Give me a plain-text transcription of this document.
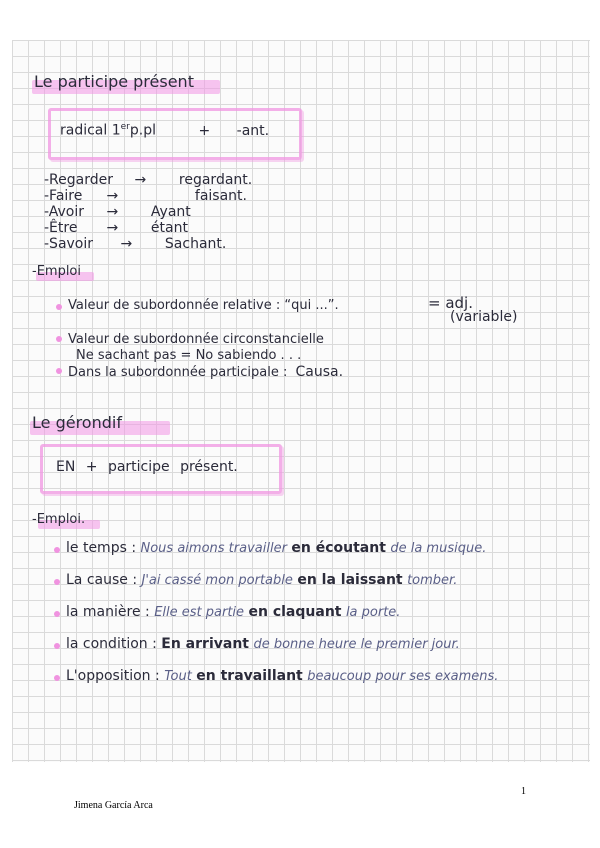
Le participe présent
radical 1erp.pl	+ -ant.
-Regarder → regardant.
-Faire →	faisant.
-Avoir → Ayant
-Être → étant
-Savoir → Sachant.
-Emploi
Valeur de subordonnée relative : “qui ...”.	= adj.
(variable)
Valeur de subordonnée circonstancielle
Ne sachant pas = No sabiendo . . .
Dans la subordonnée participale : Causa.
Le gérondif
EN + participe présent.
-Emploi.
le temps : Nous aimons travailler en écoutant de la musique.
La cause : J'ai cassé mon portable en la laissant tomber.
la manière : Elle est partie en claquant la porte.
la condition : En arrivant de bonne heure le premier jour.
L'opposition : Tout en travaillant beaucoup pour ses examens.
1
Jimena García Arca
